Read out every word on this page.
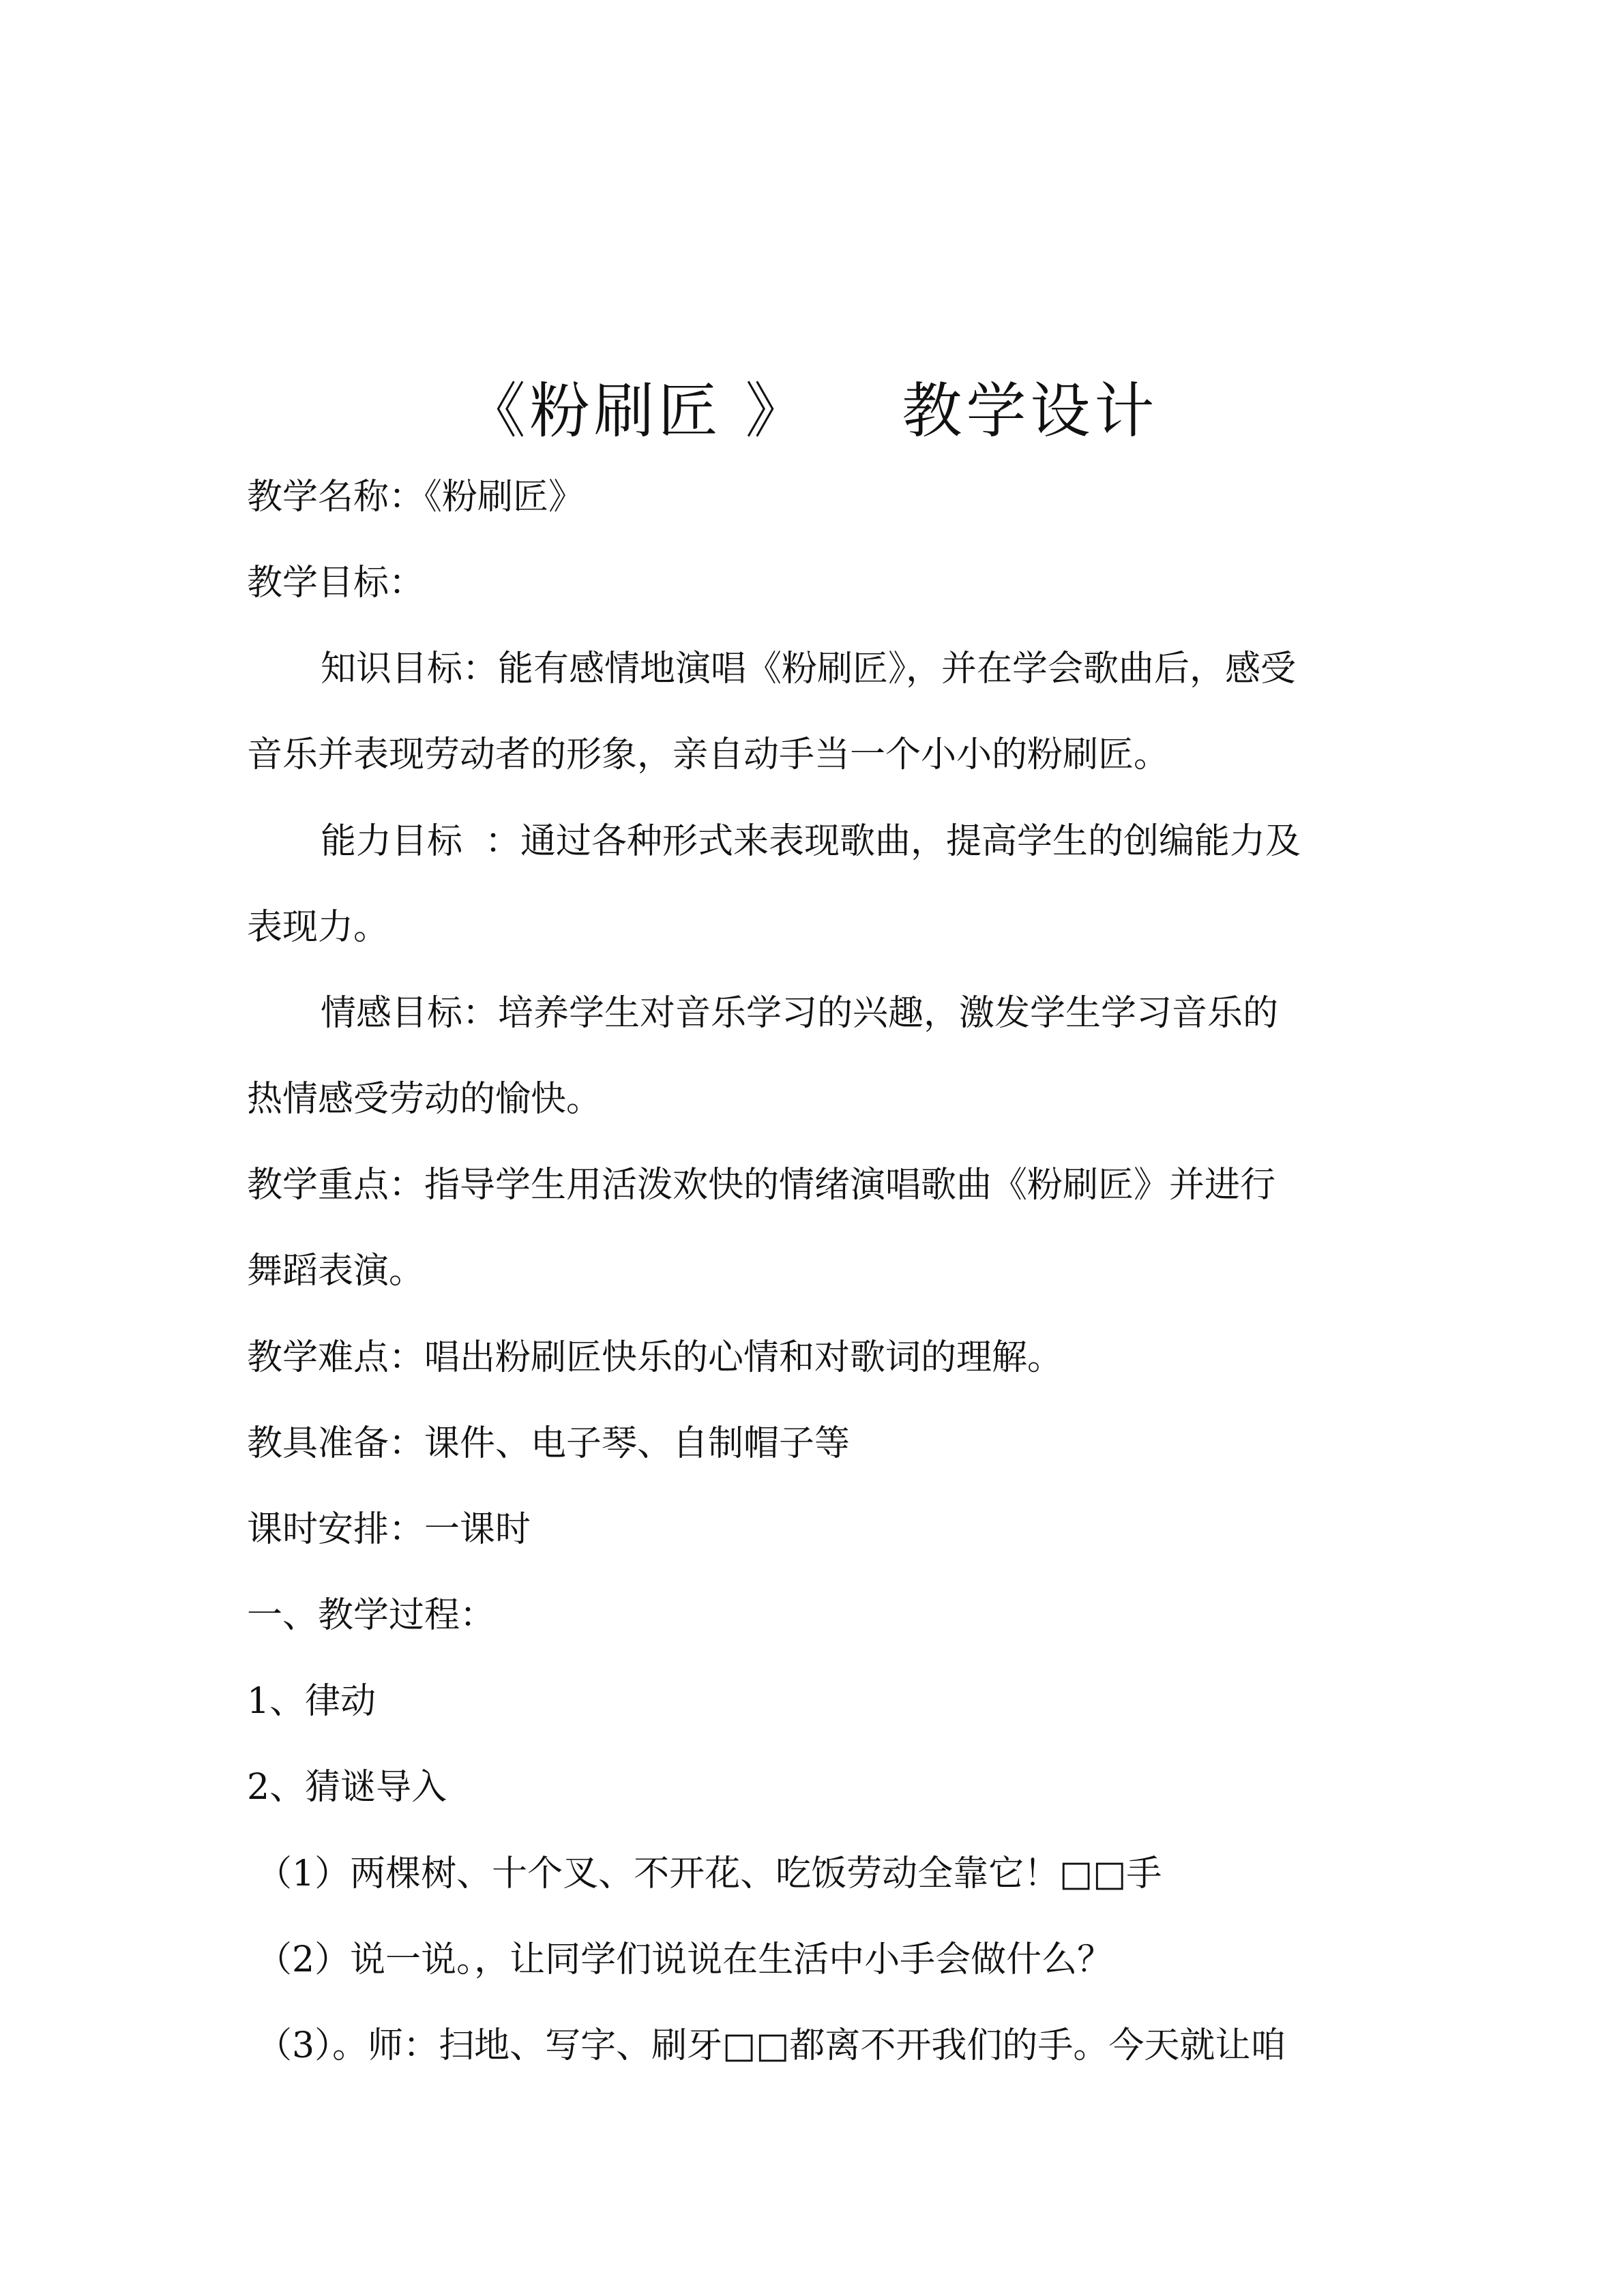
《粉刷匠 》    教学设计
教学名称：《粉刷匠》
教学目标：
知识目标：能有感情地演唱《粉刷匠》，并在学会歌曲后，感受
音乐并表现劳动者的形象，亲自动手当一个小小的粉刷匠。
能力目标  ：通过各种形式来表现歌曲，提高学生的创编能力及
表现力。
情感目标：培养学生对音乐学习的兴趣，激发学生学习音乐的
热情感受劳动的愉快。
教学重点：指导学生用活泼欢快的情绪演唱歌曲《粉刷匠》并进行
舞蹈表演。
教学难点：唱出粉刷匠快乐的心情和对歌词的理解。
教具准备：课件、电子琴、自制帽子等
课时安排：一课时
一、教学过程：
1、律动
2、猜谜导入
（1）两棵树、十个叉、不开花、吃饭劳动全靠它！□□手
（2）说一说。，让同学们说说在生活中小手会做什么？
（3）。师：扫地、写字、刷牙□□都离不开我们的手。今天就让咱
